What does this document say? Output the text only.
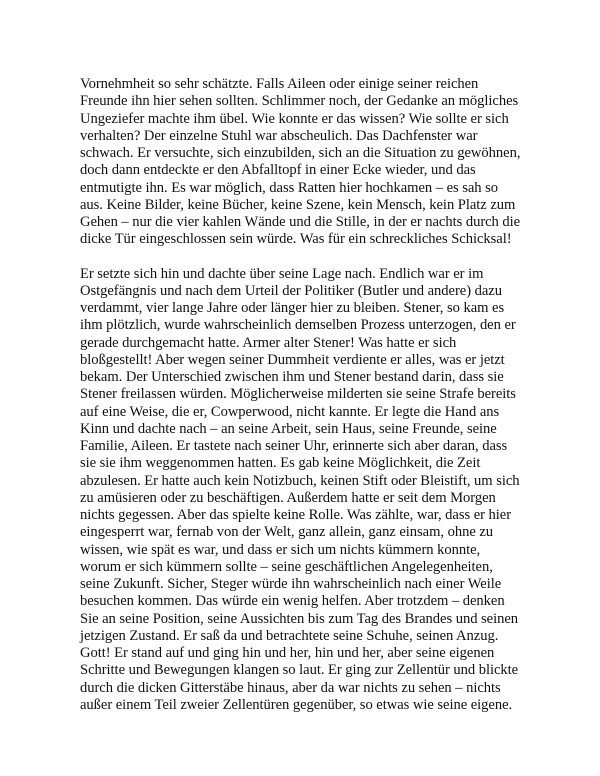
Vornehmheit so sehr schätzte. Falls Aileen oder einige seiner reichen Freunde ihn hier sehen sollten. Schlimmer noch, der Gedanke an mögliches Ungeziefer machte ihm übel. Wie konnte er das wissen? Wie sollte er sich verhalten? Der einzelne Stuhl war abscheulich. Das Dachfenster war schwach. Er versuchte, sich einzubilden, sich an die Situation zu gewöhnen, doch dann entdeckte er den Abfalltopf in einer Ecke wieder, und das entmutigte ihn. Es war möglich, dass Ratten hier hochkamen – es sah so aus. Keine Bilder, keine Bücher, keine Szene, kein Mensch, kein Platz zum Gehen – nur die vier kahlen Wände und die Stille, in der er nachts durch die dicke Tür eingeschlossen sein würde. Was für ein schreckliches Schicksal!

Er setzte sich hin und dachte über seine Lage nach. Endlich war er im Ostgefängnis und nach dem Urteil der Politiker (Butler und andere) dazu verdammt, vier lange Jahre oder länger hier zu bleiben. Stener, so kam es ihm plötzlich, wurde wahrscheinlich demselben Prozess unterzogen, den er gerade durchgemacht hatte. Armer alter Stener! Was hatte er sich bloßgestellt! Aber wegen seiner Dummheit verdiente er alles, was er jetzt bekam. Der Unterschied zwischen ihm und Stener bestand darin, dass sie Stener freilassen würden. Möglicherweise milderten sie seine Strafe bereits auf eine Weise, die er, Cowperwood, nicht kannte. Er legte die Hand ans Kinn und dachte nach – an seine Arbeit, sein Haus, seine Freunde, seine Familie, Aileen. Er tastete nach seiner Uhr, erinnerte sich aber daran, dass sie sie ihm weggenommen hatten. Es gab keine Möglichkeit, die Zeit abzulesen. Er hatte auch kein Notizbuch, keinen Stift oder Bleistift, um sich zu amüsieren oder zu beschäftigen. Außerdem hatte er seit dem Morgen nichts gegessen. Aber das spielte keine Rolle. Was zählte, war, dass er hier eingesperrt war, fernab von der Welt, ganz allein, ganz einsam, ohne zu wissen, wie spät es war, und dass er sich um nichts kümmern konnte, worum er sich kümmern sollte – seine geschäftlichen Angelegenheiten, seine Zukunft. Sicher, Steger würde ihn wahrscheinlich nach einer Weile besuchen kommen. Das würde ein wenig helfen. Aber trotzdem – denken Sie an seine Position, seine Aussichten bis zum Tag des Brandes und seinen jetzigen Zustand. Er saß da und betrachtete seine Schuhe, seinen Anzug. Gott! Er stand auf und ging hin und her, hin und her, aber seine eigenen Schritte und Bewegungen klangen so laut. Er ging zur Zellentür und blickte durch die dicken Gitterstäbe hinaus, aber da war nichts zu sehen – nichts außer einem Teil zweier Zellentüren gegenüber, so etwas wie seine eigene.
